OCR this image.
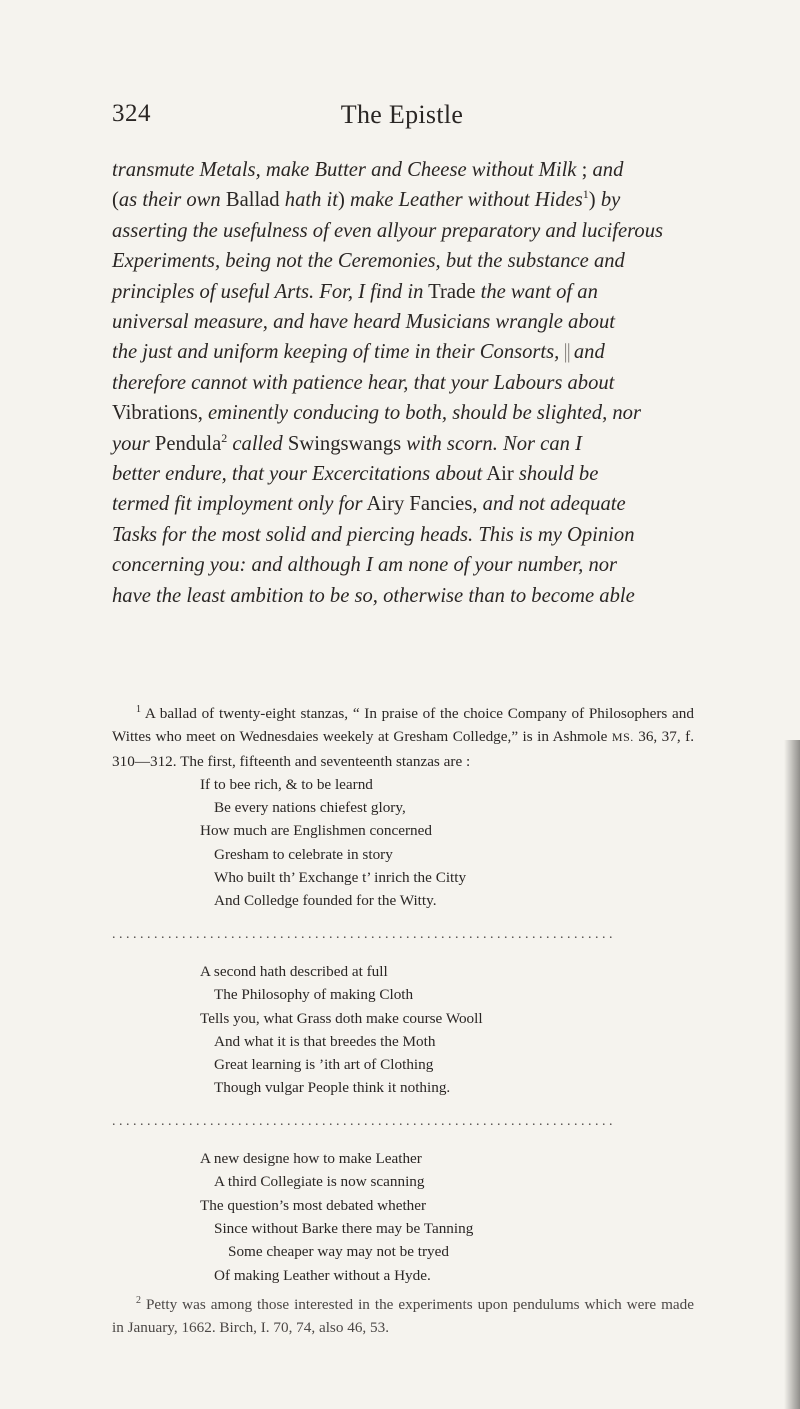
324	The Epistle
transmute Metals, make Butter and Cheese without Milk ; and
(as their own Ballad hath it) make Leather without Hides$^1$) by
asserting the usefulness of even allyour preparatory and luciferous
Experiments, being not the Ceremonies, but the substance and
principles of useful Arts. For, I find in Trade the want of an
universal measure, and have heard Musicians wrangle about
the just and uniform keeping of time in their Consorts, || and
therefore cannot with patience hear, that your Labours about
Vibrations, eminently conducing to both, should be slighted, nor
your Pendula$^2$ called Swingswangs with scorn. Nor can I
better endure, that your Excercitations about Air should be
termed fit imployment only for Airy Fancies, and not adequate
Tasks for the most solid and piercing heads. This is my Opinion
concerning you: and although I am none of your number, nor
have the least ambition to be so, otherwise than to become able

$^1$ A ballad of twenty-eight stanzas, “ In praise of the choice Company of Philosophers and Wittes who meet on Wednesdaies weekely at Gresham Colledge,” is in Ashmole MS. 36, 37, f. 310—312. The first, fifteenth and seventeenth stanzas are :

If to bee rich, & to be learnd
Be every nations chiefest glory,
How much are Englishmen concerned
Gresham to celebrate in story
Who built th’ Exchange t’ inrich the Citty
And Colledge founded for the Witty.
........................................................................
A second hath described at full
The Philosophy of making Cloth
Tells you, what Grass doth make course Wooll
And what it is that breedes the Moth
Great learning is ’ith art of Clothing
Though vulgar People think it nothing.
........................................................................
A new designe how to make Leather
A third Collegiate is now scanning
The question’s most debated whether
Since without Barke there may be Tanning
Some cheaper way may not be tryed
Of making Leather without a Hyde.

$^2$ Petty was among those interested in the experiments upon pendulums which were made in January, 1662. Birch, I. 70, 74, also 46, 53.
